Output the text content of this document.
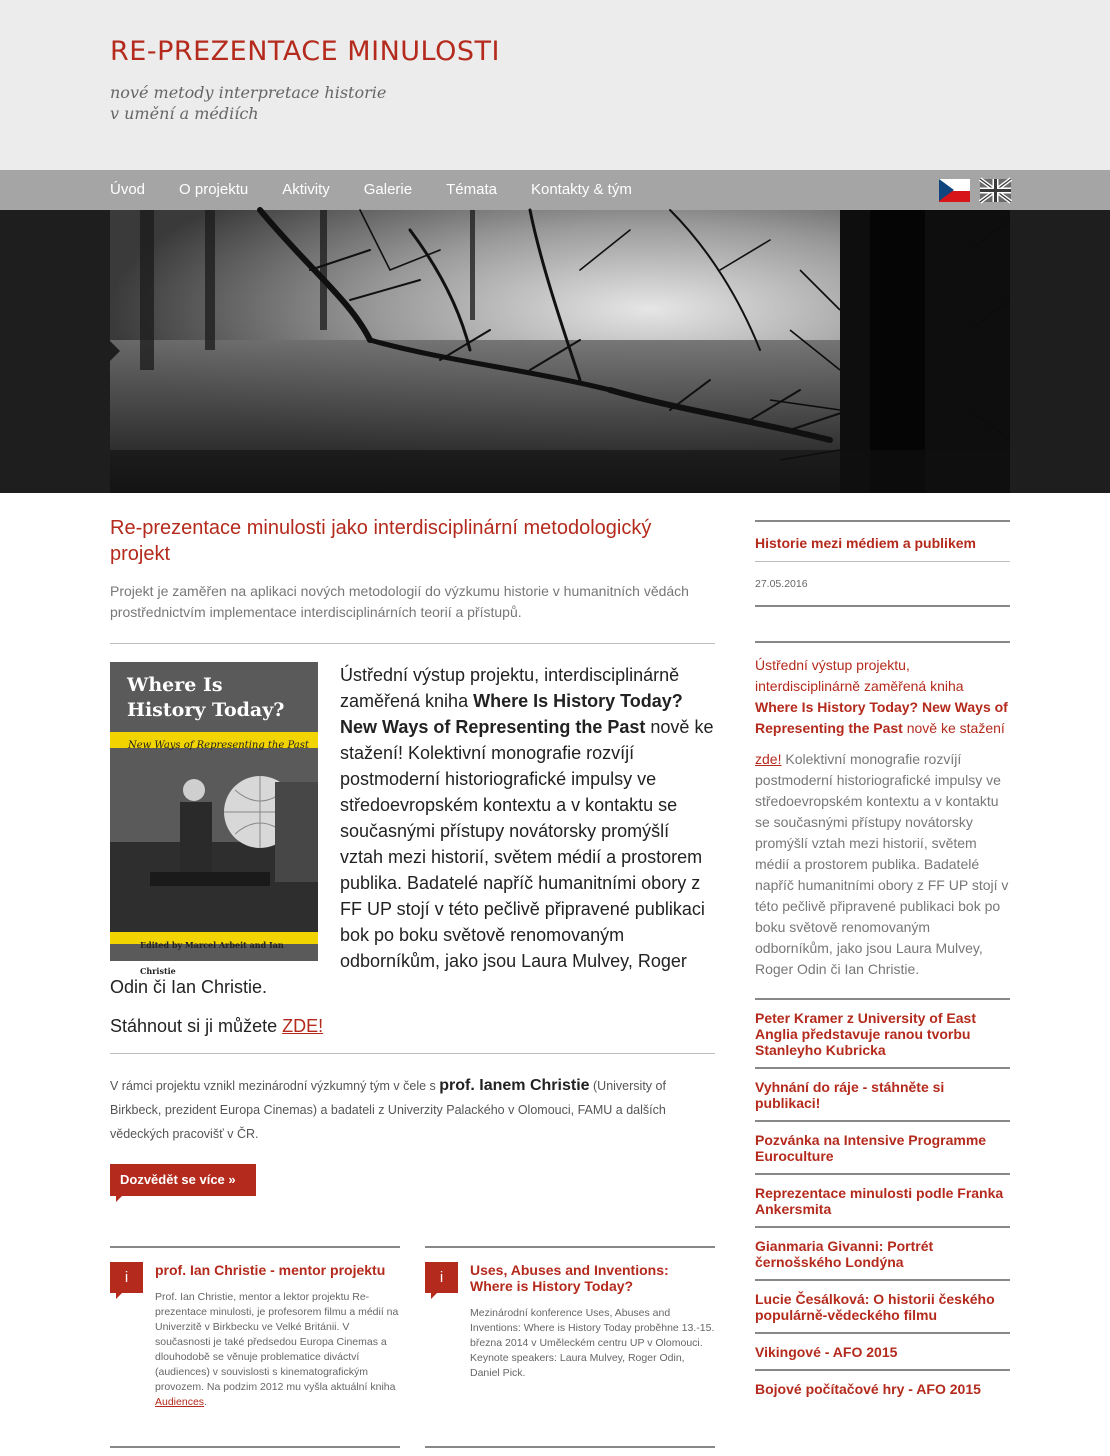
RE-PREZENTACE MINULOSTI
nové metody interpretace historie
v umění a médiích
Úvod O projektu Aktivity Galerie Témata Kontakty & tým
Re-prezentace minulosti jako interdisciplinární metodologický projekt

Projekt je zaměřen na aplikaci nových metodologií do výzkumu historie v humanitních vědách prostřednictvím implementace interdisciplinárních teorií a přístupů.

Where Is
History Today?
New Ways of Representing the Past
Edited by Marcel Arbeit and Ian Christie
Ústřední výstup projektu, interdisciplinárně zaměřená kniha Where Is History Today? New Ways of Representing the Past nově ke stažení! Kolektivní monografie rozvíjí postmoderní historiografické impulsy ve středoevropském kontextu a v kontaktu se současnými přístupy novátorsky promýšlí vztah mezi historií, světem médií a prostorem publika. Badatelé napříč humanitními obory z FF UP stojí v této pečlivě připravené publikaci bok po boku světově renomovaným odborníkům, jako jsou Laura Mulvey, Roger Odin či Ian Christie.
Stáhnout si ji můžete ZDE!

V rámci projektu vznikl mezinárodní výzkumný tým v čele s prof. Ianem Christie (University of Birkbeck, prezident Europa Cinemas) a badateli z Univerzity Palackého v Olomouci, FAMU a dalších vědeckých pracovišť v ČR.

Dozvědět se více »
i	prof. Ian Christie - mentor projektu

Prof. Ian Christie, mentor a lektor projektu Re-prezentace minulosti, je profesorem filmu a médií na Univerzitě v Birkbecku ve Velké Británii. V současnosti je také předsedou Europa Cinemas a dlouhodobě se věnuje problematice diváctví (audiences) v souvislosti s kinematografickým provozem. Na podzim 2012 mu vyšla aktuální kniha Audiences.

i	Uses, Abuses and Inventions: Where is History Today?

Mezinárodní konference Uses, Abuses and Inventions: Where is History Today proběhne 13.-15. března 2014 v Uměleckém centru UP v Olomouci. Keynote speakers: Laura Mulvey, Roger Odin, Daniel Pick.

Historie mezi médiem a publikem
27.05.2016
Ústřední výstup projektu, interdisciplinárně zaměřená kniha Where Is History Today? New Ways of Representing the Past nově ke stažení
zde! Kolektivní monografie rozvíjí postmoderní historiografické impulsy ve středoevropském kontextu a v kontaktu se současnými přístupy novátorsky promýšlí vztah mezi historií, světem médií a prostorem publika. Badatelé napříč humanitními obory z FF UP stojí v této pečlivě připravené publikaci bok po boku světově renomovaným odborníkům, jako jsou Laura Mulvey, Roger Odin či Ian Christie.
Peter Kramer z University of East Anglia představuje ranou tvorbu Stanleyho Kubricka
Vyhnání do ráje - stáhněte si publikaci!
Pozvánka na Intensive Programme Euroculture
Reprezentace minulosti podle Franka Ankersmita
Gianmaria Givanni: Portrét černošského Londýna
Lucie Česálková: O historii českého populárně-vědeckého filmu
Vikingové - AFO 2015
Bojové počítačové hry - AFO 2015
